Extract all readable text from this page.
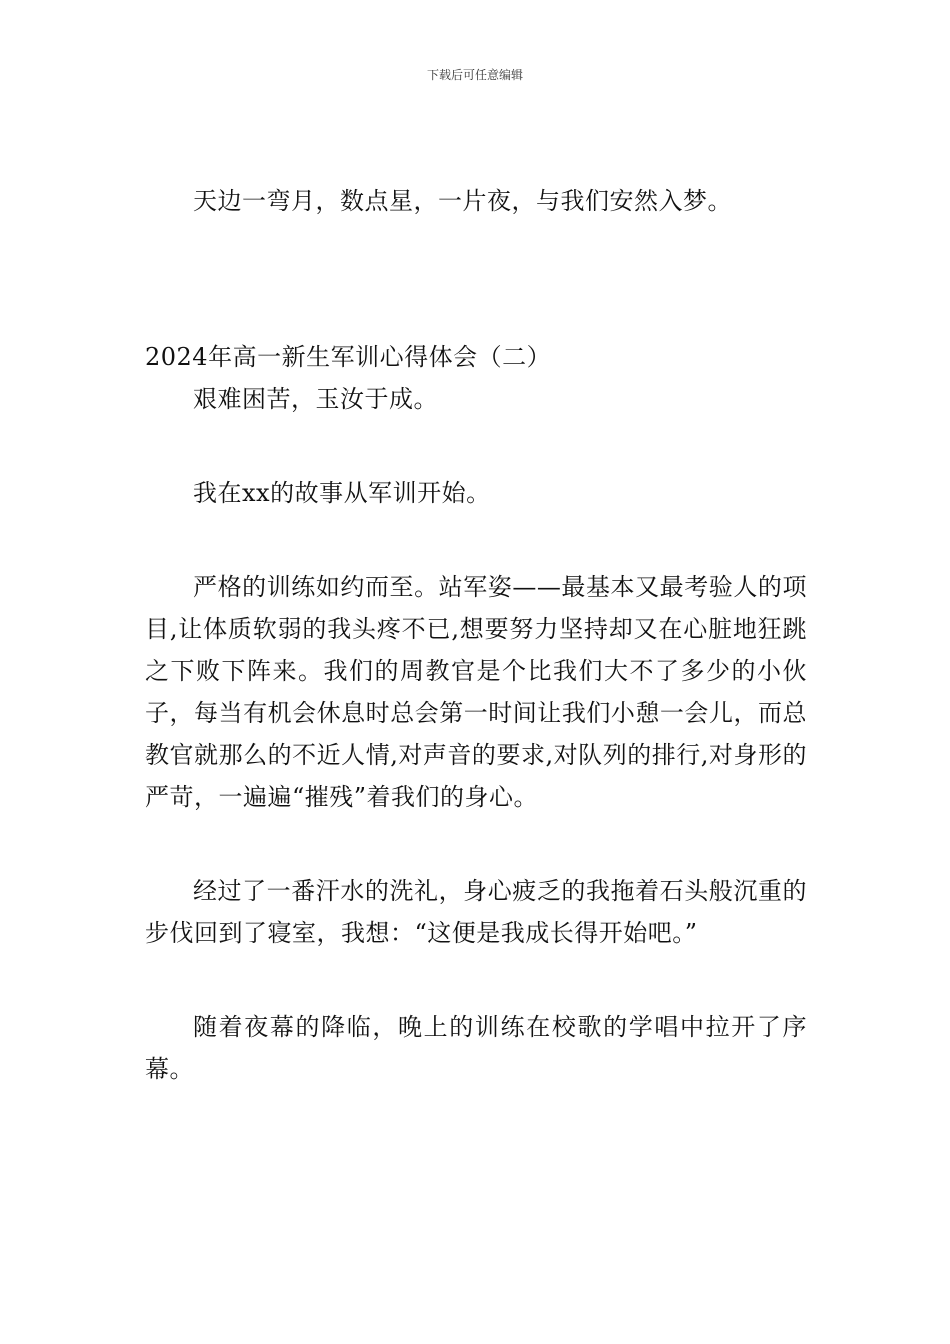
下载后可任意编辑

天边一弯月，数点星，一片夜，与我们安然入梦。

2024年高一新生军训心得体会（二）

艰难困苦，玉汝于成。

我在xx的故事从军训开始。

严格的训练如约而至。站军姿——最基本又最考验人的项目,让体质软弱的我头疼不已,想要努力坚持却又在心脏地狂跳之下败下阵来。我们的周教官是个比我们大不了多少的小伙子，每当有机会休息时总会第一时间让我们小憩一会儿，而总教官就那么的不近人情,对声音的要求,对队列的排行,对身形的严苛，一遍遍“摧残”着我们的身心。

经过了一番汗水的洗礼，身心疲乏的我拖着石头般沉重的步伐回到了寝室，我想：“这便是我成长得开始吧。”

随着夜幕的降临，晚上的训练在校歌的学唱中拉开了序幕。
